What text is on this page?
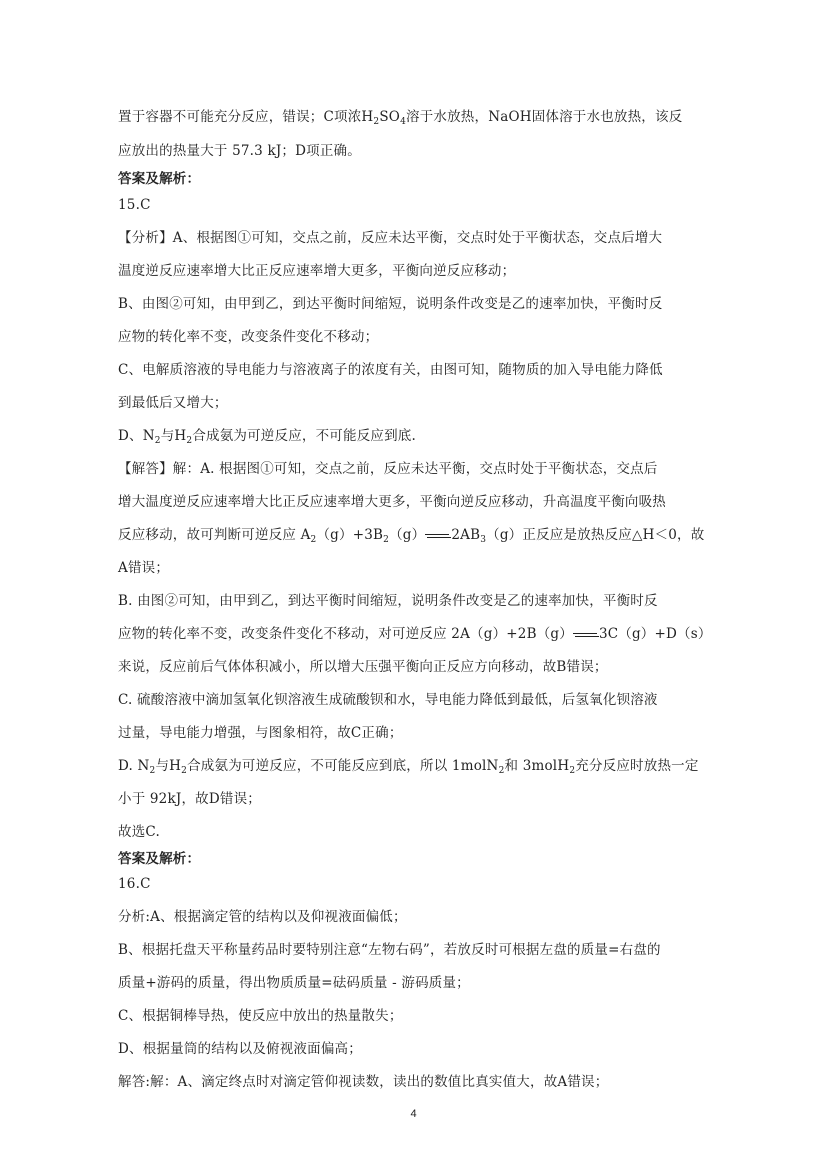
置于容器不可能充分反应，错误；C项浓$H_2SO_4$溶于水放热，NaOH固体溶于水也放热，该反
应放出的热量大于 57.3 kJ；D项正确。
答案及解析：
15.C
【分析】A、根据图①可知，交点之前，反应未达平衡，交点时处于平衡状态，交点后增大
温度逆反应速率增大比正反应速率增大更多，平衡向逆反应移动；
B、由图②可知，由甲到乙，到达平衡时间缩短，说明条件改变是乙的速率加快，平衡时反
应物的转化率不变，改变条件变化不移动；
C、电解质溶液的导电能力与溶液离子的浓度有关，由图可知，随物质的加入导电能力降低
到最低后又增大；
D、$N_2$与$H_2$合成氨为可逆反应，不可能反应到底.
【解答】解：A. 根据图①可知，交点之前，反应未达平衡，交点时处于平衡状态，交点后
增大温度逆反应速率增大比正反应速率增大更多，平衡向逆反应移动，升高温度平衡向吸热
反应移动，故可判断可逆反应 $A_2(g)+3B_2(g)$ $2AB_3(g)$正反应是放热反应△H＜0，故
A错误；
B. 由图②可知，由甲到乙，到达平衡时间缩短，说明条件改变是乙的速率加快，平衡时反
应物的转化率不变，改变条件变化不移动，对可逆反应 2A（g）+2B（g） 3C（g）+D（s）
来说，反应前后气体体积减小，所以增大压强平衡向正反应方向移动，故B错误；
C. 硫酸溶液中滴加氢氧化钡溶液生成硫酸钡和水，导电能力降低到最低，后氢氧化钡溶液
过量，导电能力增强，与图象相符，故C正确；
D. $N_2$与$H_2$合成氨为可逆反应，不可能反应到底，所以 1molN$_2$和 3molH$_2$充分反应时放热一定
小于 92kJ，故D错误；
故选C.
答案及解析：
16.C
分析:A、根据滴定管的结构以及仰视液面偏低；
B、根据托盘天平称量药品时要特别注意“左物右码”，若放反时可根据左盘的质量=右盘的
质量+游码的质量，得出物质质量=砝码质量 - 游码质量；
C、根据铜棒导热，使反应中放出的热量散失；
D、根据量筒的结构以及俯视液面偏高；
解答:解：A、滴定终点时对滴定管仰视读数，读出的数值比真实值大，故A错误；
4
